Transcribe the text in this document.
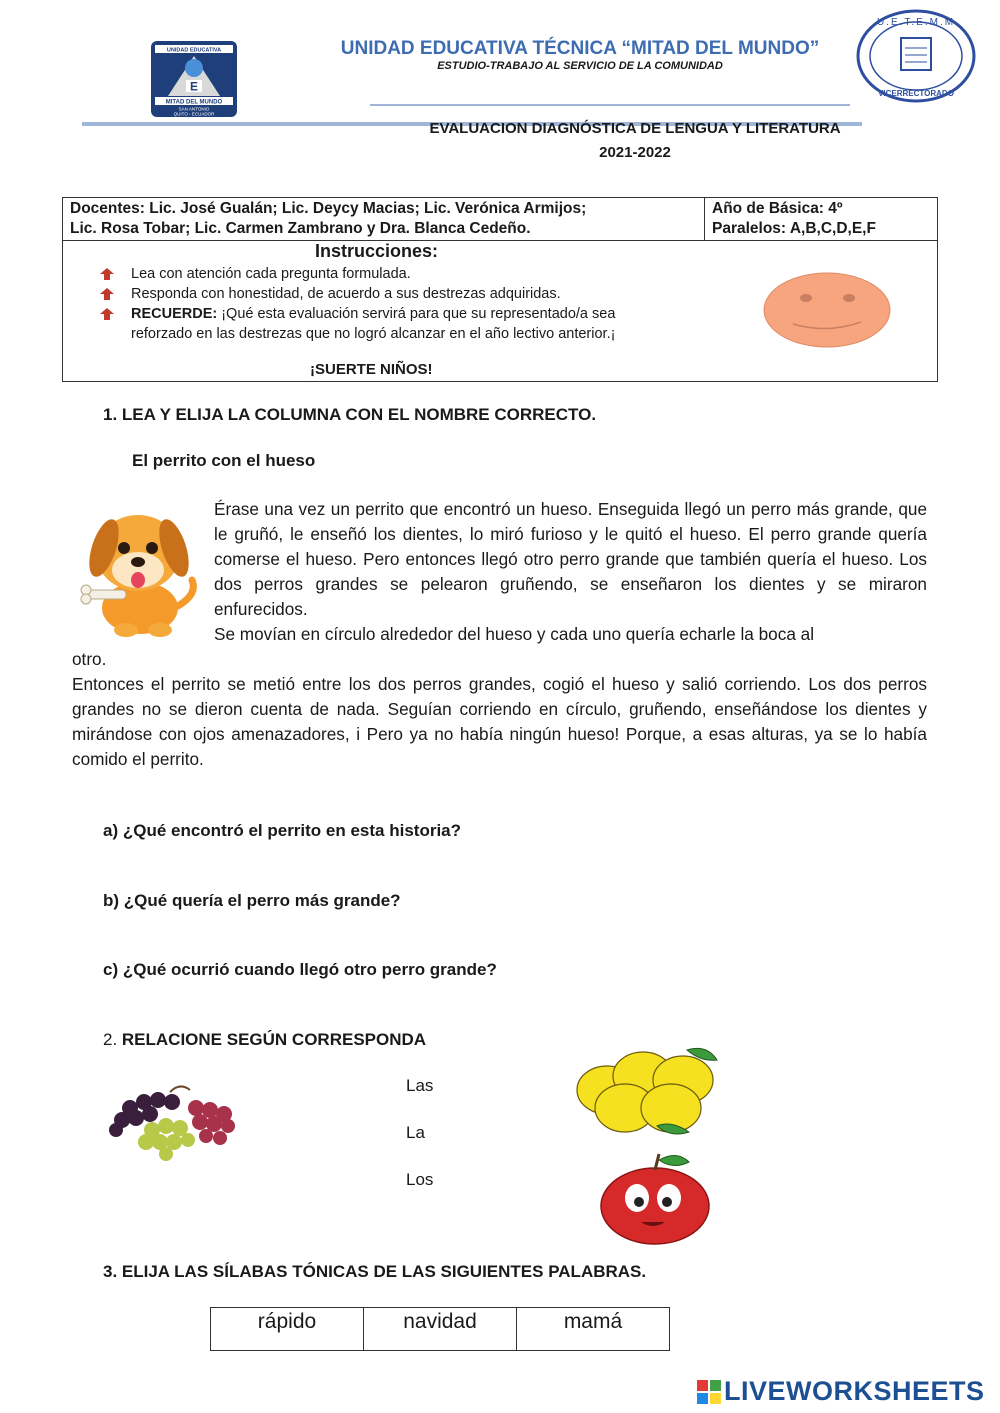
UNIDAD EDUCATIVA
E
MITAD DEL MUNDO
SAN ANTONIO
QUITO - ECUADOR
UNIDAD EDUCATIVA TÉCNICA “MITAD DEL MUNDO”
ESTUDIO-TRABAJO AL SERVICIO DE LA COMUNIDAD
U.E.T.E.M.M
VICERRECTORADO
EVALUACION DIAGNÓSTICA DE LENGUA Y LITERATURA
2021-2022
Docentes: Lic. José Gualán; Lic. Deycy Macias; Lic. Verónica Armijos;
Lic. Rosa Tobar; Lic. Carmen Zambrano y Dra. Blanca Cedeño.
Año de Básica: 4º
Paralelos: A,B,C,D,E,F
Instrucciones:
Lea con atención cada pregunta formulada.
Responda con honestidad, de acuerdo a sus destrezas adquiridas.
RECUERDE: ¡Qué esta evaluación servirá para que su representado/a sea
reforzado en las destrezas que no logró alcanzar en el año lectivo anterior.¡
¡SUERTE NIÑOS!
1. LEA Y ELIJA LA COLUMNA CON EL NOMBRE CORRECTO.
El perrito con el hueso
Érase una vez un perrito que encontró un hueso. Enseguida llegó un perro más grande, que le gruñó, le enseñó los dientes, lo miró furioso y le quitó el hueso. El perro grande quería comerse el hueso. Pero entonces llegó otro perro grande que también quería el hueso. Los dos perros grandes se pelearon gruñendo, se enseñaron los dientes y se miraron enfurecidos.
Se movían en círculo alrededor del hueso y cada uno quería echarle la boca al
otro.
Entonces el perrito se metió entre los dos perros grandes, cogió el hueso y salió corriendo. Los dos perros grandes no se dieron cuenta de nada. Seguían corriendo en círculo, gruñendo, enseñándose los dientes y mirándose con ojos amenazadores, i Pero ya no había ningún hueso! Porque, a esas alturas, ya se lo había comido el perrito.
a) ¿Qué encontró el perrito en esta historia?
b) ¿Qué quería el perro más grande?
c) ¿Qué ocurrió cuando llegó otro perro grande?
2. RELACIONE SEGÚN CORRESPONDA
Las
La
Los
3. ELIJA LAS SÍLABAS TÓNICAS DE LAS SIGUIENTES PALABRAS.
rápido	navidad	mamá
LIVEWORKSHEETS
